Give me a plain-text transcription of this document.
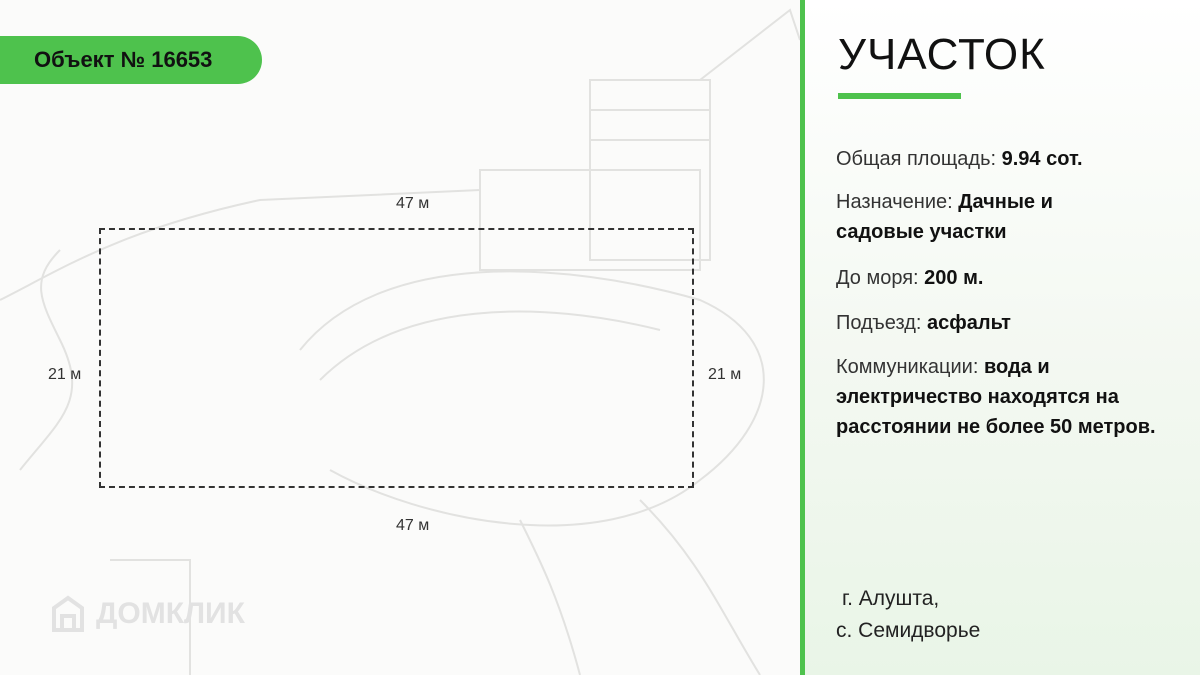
Объект № 16653
47 м
47 м
21 м	21 м
ДОМКЛИК
УЧАСТОК
Общая площадь: 9.94 сот.
Назначение: Дачные и садовые участки
До моря: 200 м.
Подъезд: асфальт
Коммуникации: вода и электричество находятся на расстоянии не более 50 метров.
г. Алушта,
с. Семидворье
